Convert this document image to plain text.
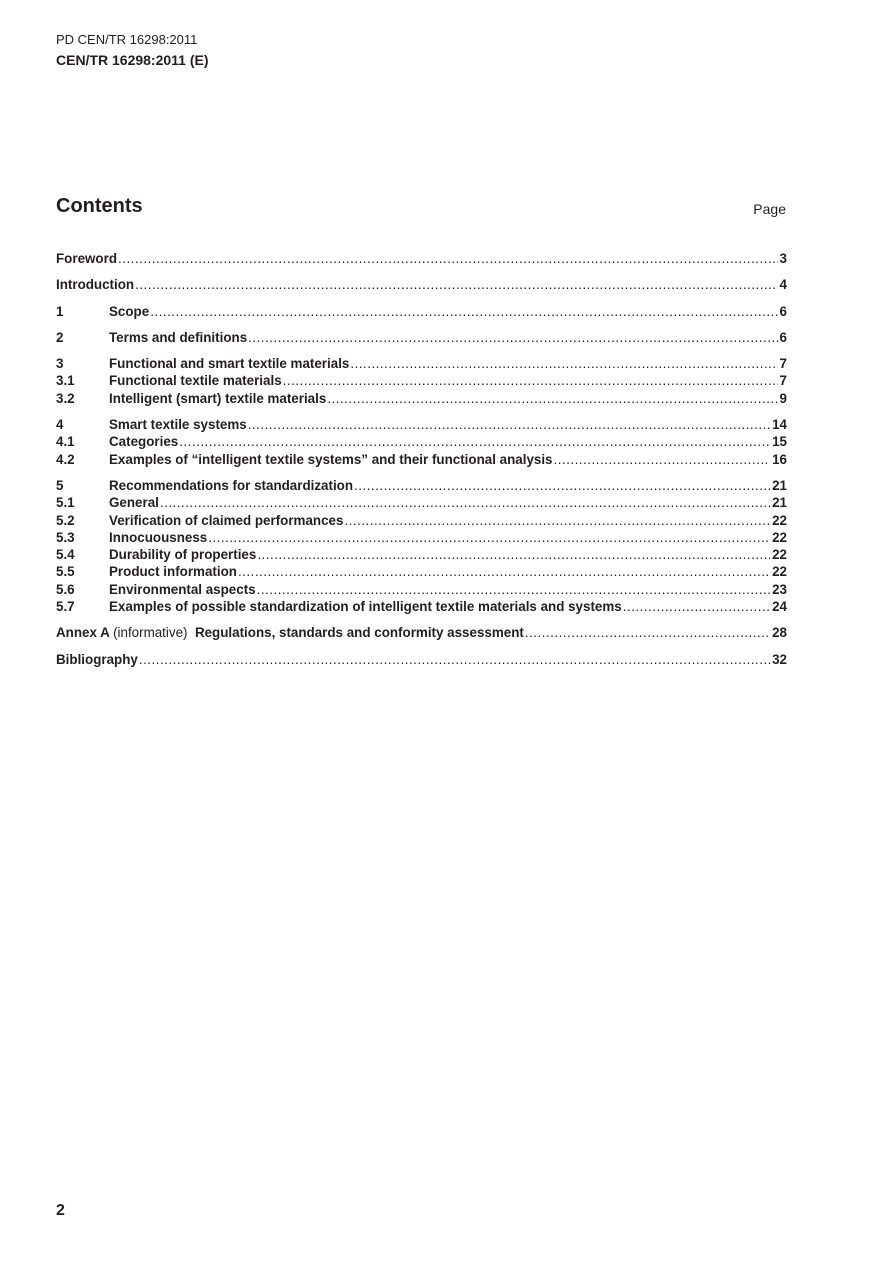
PD CEN/TR 16298:2011
CEN/TR 16298:2011 (E)
Contents	Page
Foreword .....	3
Introduction .....	4
1	Scope .....	6
2	Terms and definitions .....	6
3	Functional and smart textile materials .....	7
3.1	Functional textile materials .....	7
3.2	Intelligent (smart) textile materials .....	9
4	Smart textile systems .....	14
4.1	Categories .....	15
4.2	Examples of “intelligent textile systems” and their functional analysis .....	16
5	Recommendations for standardization .....	21
5.1	General .....	21
5.2	Verification of claimed performances .....	22
5.3	Innocuousness .....	22
5.4	Durability of properties .....	22
5.5	Product information .....	22
5.6	Environmental aspects .....	23
5.7	Examples of possible standardization of intelligent textile materials and systems .....	24
Annex A (informative) Regulations, standards and conformity assessment .....	28
Bibliography .....	32
2
